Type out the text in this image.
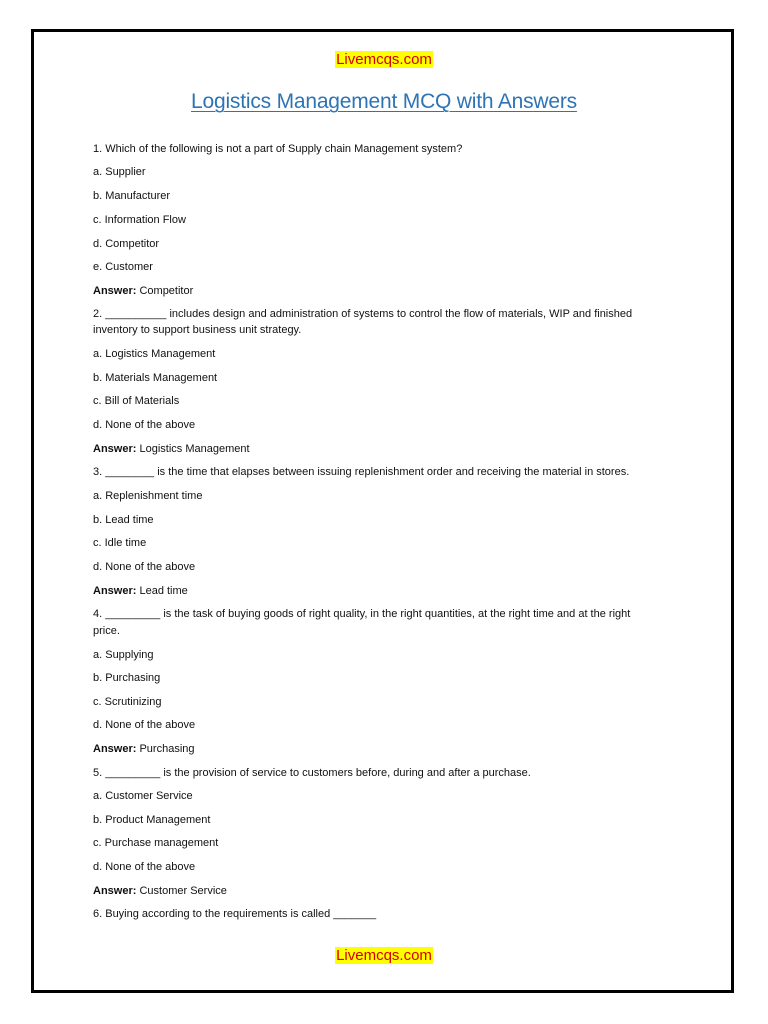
Livemcqs.com
Logistics Management MCQ with Answers
1. Which of the following is not a part of Supply chain Management system?
a. Supplier
b. Manufacturer
c. Information Flow
d. Competitor
e. Customer
Answer: Competitor
2. __________ includes design and administration of systems to control the flow of materials, WIP and finished
inventory to support business unit strategy.
a. Logistics Management
b. Materials Management
c. Bill of Materials
d. None of the above
Answer: Logistics Management
3. ________ is the time that elapses between issuing replenishment order and receiving the material in stores.
a. Replenishment time
b. Lead time
c. Idle time
d. None of the above
Answer: Lead time
4. _________ is the task of buying goods of right quality, in the right quantities, at the right time and at the right
price.
a. Supplying
b. Purchasing
c. Scrutinizing
d. None of the above
Answer: Purchasing
5. _________ is the provision of service to customers before, during and after a purchase.
a. Customer Service
b. Product Management
c. Purchase management
d. None of the above
Answer: Customer Service
6. Buying according to the requirements is called _______
Livemcqs.com
